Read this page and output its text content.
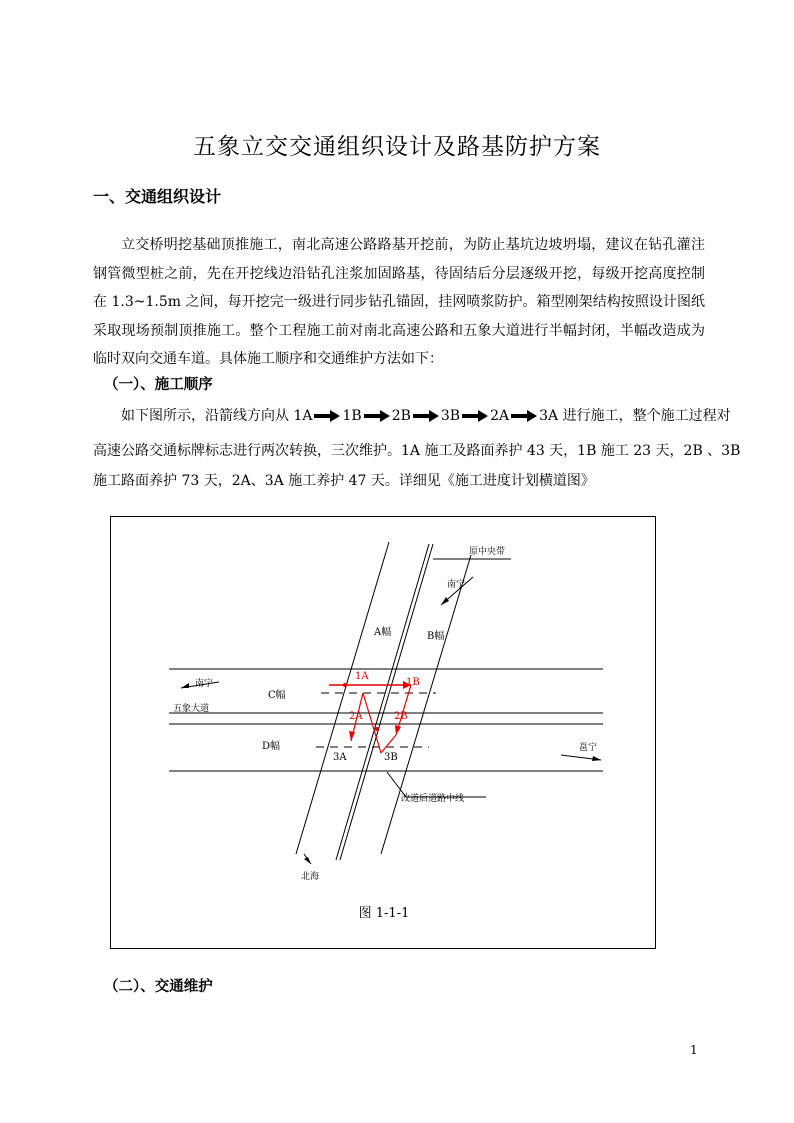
五象立交交通组织设计及路基防护方案
一、交通组织设计

立交桥明挖基础顶推施工，南北高速公路路基开挖前，为防止基坑边坡坍塌，建议在钻孔灌注钢管微型桩之前，先在开挖线边沿钻孔注浆加固路基，待固结后分层逐级开挖，每级开挖高度控制在 1.3~1.5m 之间，每开挖完一级进行同步钻孔锚固，挂网喷浆防护。箱型刚架结构按照设计图纸采取现场预制顶推施工。整个工程施工前对南北高速公路和五象大道进行半幅封闭，半幅改造成为临时双向交通车道。具体施工顺序和交通维护方法如下：

（一）、施工顺序
如下图所示，沿箭线方向从 1A 1B 2B 3B 2A 3A 进行施工，整个施工过程对
高速公路交通标牌标志进行两次转换，三次维护。1A 施工及路面养护 43 天，1B 施工 23 天，2B 、3B
施工路面养护 73 天，2A、3A 施工养护 47 天。详细见《施工进度计划横道图》
原中央带
南宁
A幅	B幅
南宁
C幅
五象大道
D幅	邕宁
北海
改道后道路中线
1A
1B
2A	2B
3A	3B
图 1-1-1
（二）、交通维护
1
